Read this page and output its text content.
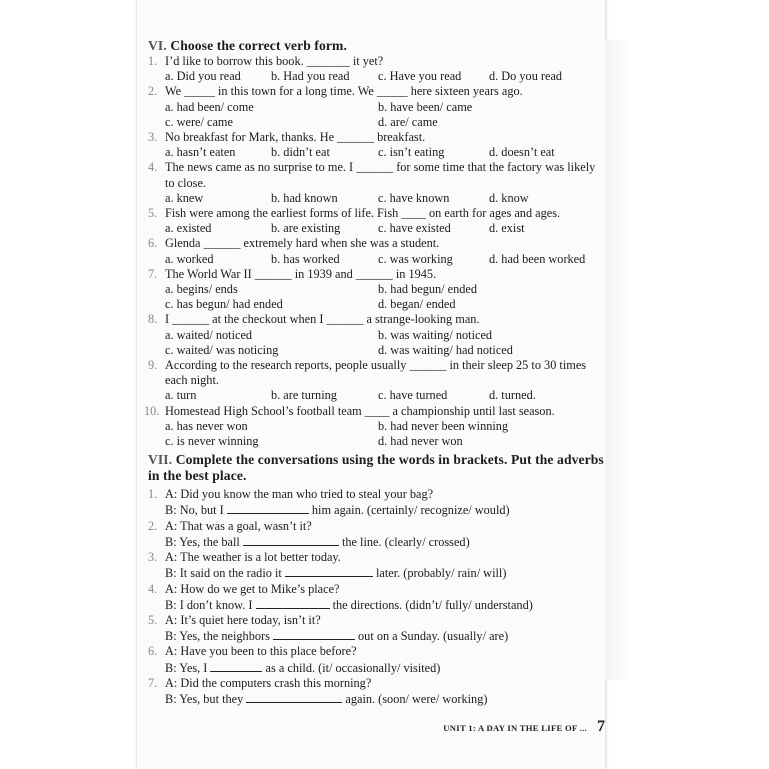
VI. Choose the correct verb form.
1. I’d like to borrow this book. _______ it yet?
a. Did you read	b. Had you read	c. Have you read	d. Do you read
2. We _____ in this town for a long time. We _____ here sixteen years ago.
a. had been/ come	b. have been/ came
c. were/ came	d. are/ came
3. No breakfast for Mark, thanks. He ______ breakfast.
a. hasn’t eaten	b. didn’t eat	c. isn’t eating	d. doesn’t eat
4. The news came as no surprise to me. I ______ for some time that the factory was likely to close.
a. knew	b. had known	c. have known	d. know
5. Fish were among the earliest forms of life. Fish ____ on earth for ages and ages.
a. existed	b. are existing	c. have existed	d. exist
6. Glenda ______ extremely hard when she was a student.
a. worked	b. has worked	c. was working	d. had been worked
7. The World War II ______ in 1939 and ______ in 1945.
a. begins/ ends	b. had begun/ ended
c. has begun/ had ended	d. began/ ended
8. I ______ at the checkout when I ______ a strange-looking man.
a. waited/ noticed	b. was waiting/ noticed
c. waited/ was noticing	d. was waiting/ had noticed
9. According to the research reports, people usually ______ in their sleep 25 to 30 times each night.
a. turn	b. are turning	c. have turned	d. turned.
10. Homestead High School’s football team ____ a championship until last season.
a. has never won	b. had never been winning
c. is never winning	d. had never won
VII. Complete the conversations using the words in brackets. Put the adverbs in the best place.
1. A: Did you know the man who tried to steal your bag?
B: No, but I	him again. (certainly/ recognize/ would)
2. A: That was a goal, wasn’t it?
B: Yes, the ball	the line. (clearly/ crossed)
3. A: The weather is a lot better today.
B: It said on the radio it	later. (probably/ rain/ will)
4. A: How do we get to Mike’s place?
B: I don’t know. I	the directions. (didn’t/ fully/ understand)
5. A: It’s quiet here today, isn’t it?
B: Yes, the neighbors	out on a Sunday. (usually/ are)
6. A: Have you been to this place before?
B: Yes, I	as a child. (it/ occasionally/ visited)
7. A: Did the computers crash this morning?
B: Yes, but they	again. (soon/ were/ working)
UNIT 1: A DAY IN THE LIFE OF ... 7
